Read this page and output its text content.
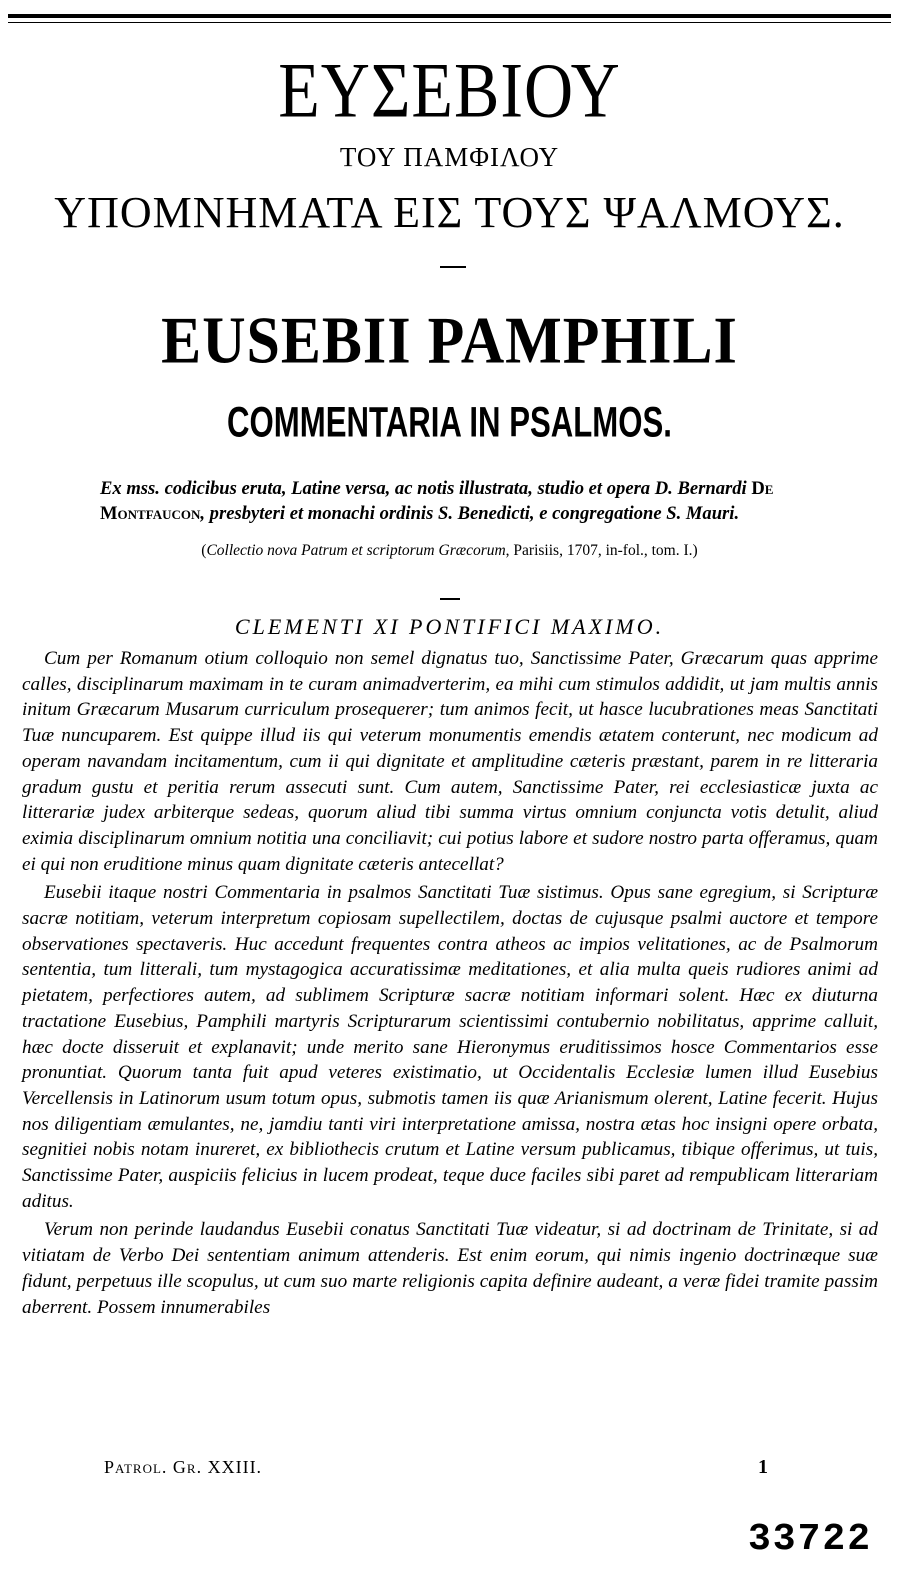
ΕΥΣΕΒΙΟΥ
ΤΟΥ ΠΑΜΦΙΛΟΥ
ΥΠΟΜΝΗΜΑΤΑ ΕΙΣ ΤΟΥΣ ΨΑΛΜΟΥΣ.
EUSEBII PAMPHILI
COMMENTARIA IN PSALMOS.
Ex mss. codicibus eruta, Latine versa, ac notis illustrata, studio et opera D. Bernardi De
Montfaucon, presbyteri et monachi ordinis S. Benedicti, e congregatione S. Mauri.
(Collectio nova Patrum et scriptorum Græcorum, Parisiis, 1707, in-fol., tom. I.)
CLEMENTI XI PONTIFICI MAXIMO.

Cum per Romanum otium colloquio non semel dignatus tuo, Sanctissime Pater, Græcarum quas apprime calles, disciplinarum maximam in te curam animadverterim, ea mihi cum stimulos addidit, ut jam multis annis initum Græcarum Musarum curriculum prosequerer; tum animos fecit, ut hasce lucubrationes meas Sanctitati Tuæ nuncuparem. Est quippe illud iis qui veterum monumentis emendis ætatem conterunt, nec modicum ad operam navandam incitamentum, cum ii qui dignitate et amplitudine cæteris præstant, parem in re litteraria gradum gustu et peritia rerum assecuti sunt. Cum autem, Sanctissime Pater, rei ecclesiasticæ juxta ac litterariæ judex arbiterque sedeas, quorum aliud tibi summa virtus omnium conjuncta votis detulit, aliud eximia disciplinarum omnium notitia una conciliavit; cui potius labore et sudore nostro parta offeramus, quam ei qui non eruditione minus quam dignitate cæteris antecellat?

Eusebii itaque nostri Commentaria in psalmos Sanctitati Tuæ sistimus. Opus sane egregium, si Scripturæ sacræ notitiam, veterum interpretum copiosam supellectilem, doctas de cujusque psalmi auctore et tempore observationes spectaveris. Huc accedunt frequentes contra atheos ac impios velitationes, ac de Psalmorum sententia, tum litterali, tum mystagogica accuratissimæ meditationes, et alia multa queis rudiores animi ad pietatem, perfectiores autem, ad sublimem Scripturæ sacræ notitiam informari solent. Hæc ex diuturna tractatione Eusebius, Pamphili martyris Scripturarum scientissimi contubernio nobilitatus, apprime calluit, hæc docte disseruit et explanavit; unde merito sane Hieronymus eruditissimos hosce Commentarios esse pronuntiat. Quorum tanta fuit apud veteres existimatio, ut Occidentalis Ecclesiæ lumen illud Eusebius Vercellensis in Latinorum usum totum opus, submotis tamen iis quæ Arianismum olerent, Latine fecerit. Hujus nos diligentiam æmulantes, ne, jamdiu tanti viri interpretatione amissa, nostra ætas hoc insigni opere orbata, segnitiei nobis notam inureret, ex bibliothecis crutum et Latine versum publicamus, tibique offerimus, ut tuis, Sanctissime Pater, auspiciis felicius in lucem prodeat, teque duce faciles sibi paret ad rempublicam litterariam aditus.

Verum non perinde laudandus Eusebii conatus Sanctitati Tuæ videatur, si ad doctrinam de Trinitate, si ad vitiatam de Verbo Dei sententiam animum attenderis. Est enim eorum, qui nimis ingenio doctrinæque suæ fidunt, perpetuus ille scopulus, ut cum suo marte religionis capita definire audeant, a veræ fidei tramite passim aberrent. Possem innumerabiles

Patrol. Gr. XXIII.	1
33722
